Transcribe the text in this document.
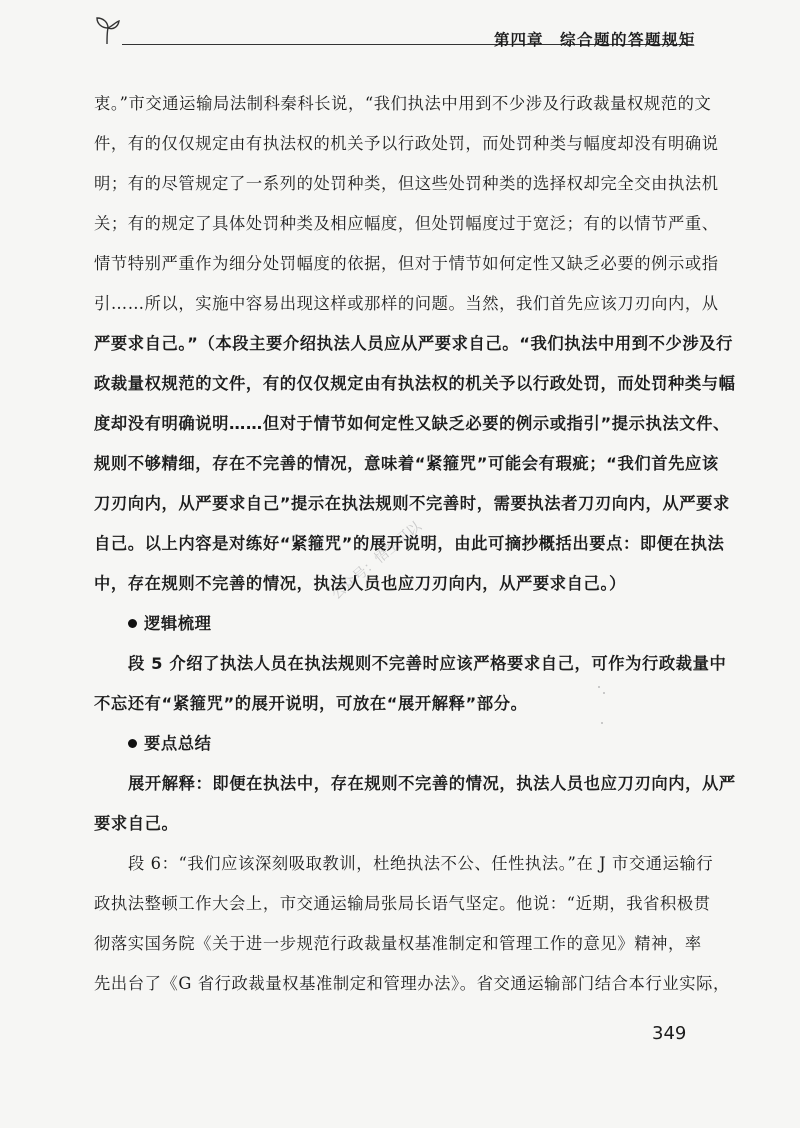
第四章 综合题的答题规矩
公众号：悟空可以
衷。”市交通运输局法制科秦科长说，“我们执法中用到不少涉及行政裁量权规范的文
件，有的仅仅规定由有执法权的机关予以行政处罚，而处罚种类与幅度却没有明确说
明；有的尽管规定了一系列的处罚种类，但这些处罚种类的选择权却完全交由执法机
关；有的规定了具体处罚种类及相应幅度，但处罚幅度过于宽泛；有的以情节严重、
情节特别严重作为细分处罚幅度的依据，但对于情节如何定性又缺乏必要的例示或指
引……所以，实施中容易出现这样或那样的问题。当然，我们首先应该刀刃向内，从
严要求自己。”（本段主要介绍执法人员应从严要求自己。“我们执法中用到不少涉及行
政裁量权规范的文件，有的仅仅规定由有执法权的机关予以行政处罚，而处罚种类与幅
度却没有明确说明……但对于情节如何定性又缺乏必要的例示或指引”提示执法文件、
规则不够精细，存在不完善的情况，意味着“紧箍咒”可能会有瑕疵；“我们首先应该
刀刃向内，从严要求自己”提示在执法规则不完善时，需要执法者刀刃向内，从严要求
自己。以上内容是对练好“紧箍咒”的展开说明，由此可摘抄概括出要点：即便在执法
中，存在规则不完善的情况，执法人员也应刀刃向内，从严要求自己。）
逻辑梳理
段 5 介绍了执法人员在执法规则不完善时应该严格要求自己，可作为行政裁量中
不忘还有“紧箍咒”的展开说明，可放在“展开解释”部分。
要点总结
展开解释：即便在执法中，存在规则不完善的情况，执法人员也应刀刃向内，从严
要求自己。
段 6：“我们应该深刻吸取教训，杜绝执法不公、任性执法。”在 J 市交通运输行
政执法整顿工作大会上，市交通运输局张局长语气坚定。他说：“近期，我省积极贯
彻落实国务院《关于进一步规范行政裁量权基准制定和管理工作的意见》精神，率
先出台了《G 省行政裁量权基准制定和管理办法》。省交通运输部门结合本行业实际，
349
